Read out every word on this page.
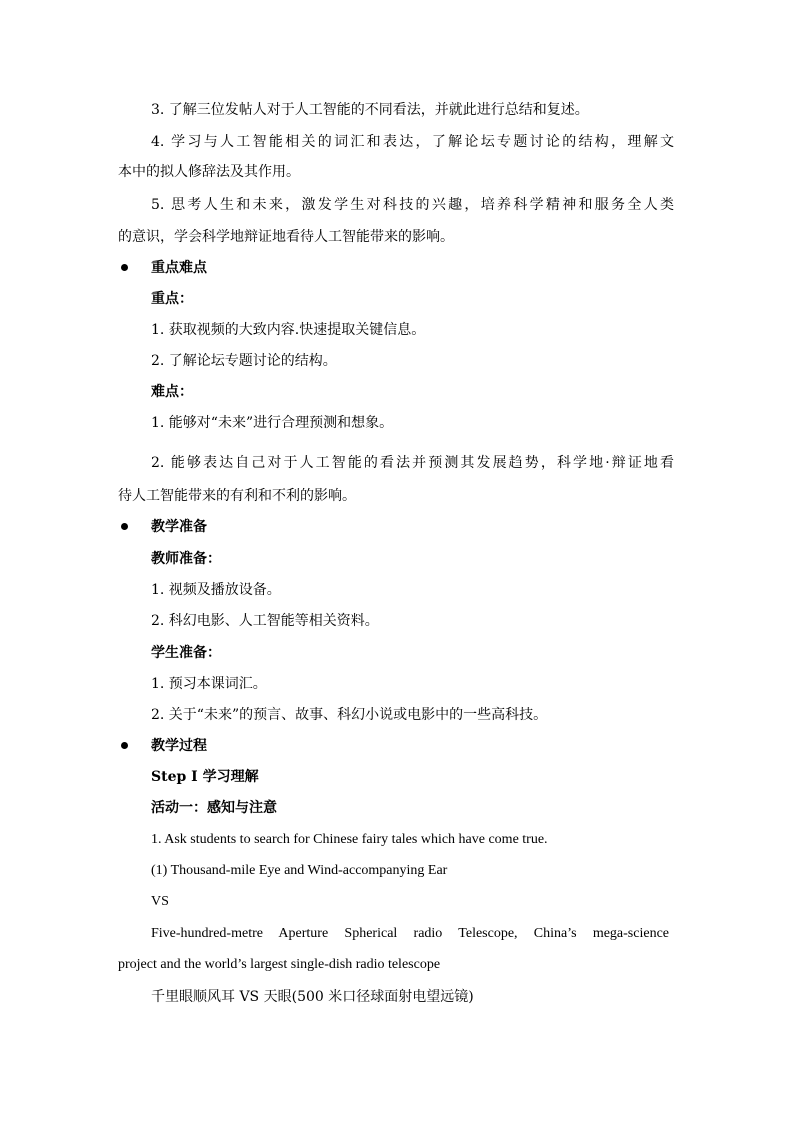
3. 了解三位发帖人对于人工智能的不同看法，并就此进行总结和复述。
4. 学习与人工智能相关的词汇和表达，了解论坛专题讨论的结构，理解文
本中的拟人修辞法及其作用。
5. 思考人生和未来，激发学生对科技的兴趣，培养科学精神和服务全人类
的意识，学会科学地辩证地看待人工智能带来的影响。
重点难点
重点：
1. 获取视频的大致内容.快速提取关键信息。
2. 了解论坛专题讨论的结构。
难点：
1. 能够对“未来”进行合理预测和想象。
2. 能够表达自己对于人工智能的看法并预测其发展趋势，科学地·辩证地看
待人工智能带来的有利和不利的影响。
教学准备
教师准备：
1. 视频及播放设备。
2. 科幻电影、人工智能等相关资料。
学生准备：
1. 预习本课词汇。
2. 关于“未来”的预言、故事、科幻小说或电影中的一些高科技。
教学过程
Step I 学习理解
活动一：感知与注意
1. Ask students to search for Chinese fairy tales which have come true.
(1) Thousand-mile Eye and Wind-accompanying Ear
VS
Five-hundred-metre Aperture Spherical radio Telescope, China’s mega-science
project and the world’s largest single-dish radio telescope
千里眼顺风耳 VS 天眼(500 米口径球面射电望远镜)
